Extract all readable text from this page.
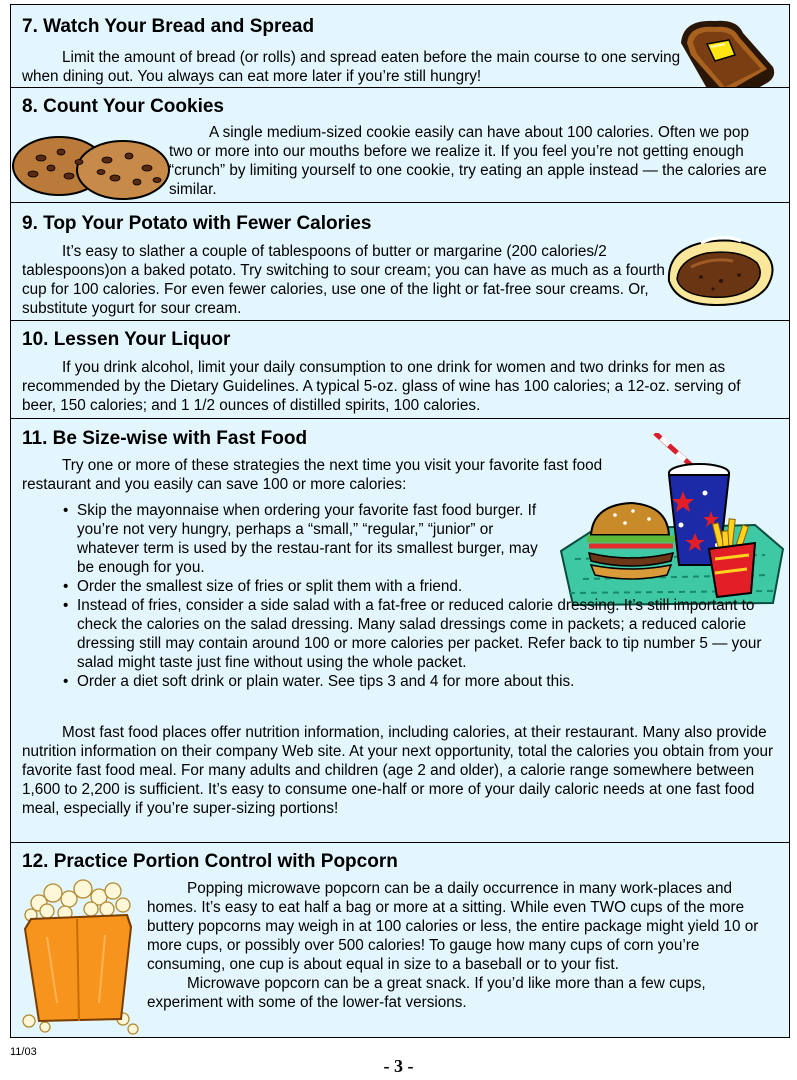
7. Watch Your Bread and Spread

Limit the amount of bread (or rolls) and spread eaten before the main course to one serving when dining out. You always can eat more later if you’re still hungry!

8. Count Your Cookies

A single medium-sized cookie easily can have about 100 calories. Often we pop two or more into our mouths before we realize it. If you feel you’re not getting enough “crunch” by limiting yourself to one cookie, try eating an apple instead — the calories are similar.

9. Top Your Potato with Fewer Calories

It’s easy to slather a couple of tablespoons of butter or margarine (200 calories/2 tablespoons)on a baked potato. Try switching to sour cream; you can have as much as a fourth cup for 100 calories. For even fewer calories, use one of the light or fat-free sour creams. Or, substitute yogurt for sour cream.

10. Lessen Your Liquor

If you drink alcohol, limit your daily consumption to one drink for women and two drinks for men as recommended by the Dietary Guidelines. A typical 5-oz. glass of wine has 100 calories; a 12-oz. serving of beer, 150 calories; and 1 1/2 ounces of distilled spirits, 100 calories.

11. Be Size-wise with Fast Food

Try one or more of these strategies the next time you visit your favorite fast food restaurant and you easily can save 100 or more calories:

• Skip the mayonnaise when ordering your favorite fast food burger. If you’re not very hungry, perhaps a “small,” “regular,” “junior” or whatever term is used by the restau-rant for its smallest burger, may be enough for you.
• Order the smallest size of fries or split them with a friend.
• Instead of fries, consider a side salad with a fat-free or reduced calorie dressing. It’s still important to check the calories on the salad dressing. Many salad dressings come in packets; a reduced calorie dressing still may contain around 100 or more calories per packet. Refer back to tip number 5 — your salad might taste just fine without using the whole packet.
• Order a diet soft drink or plain water. See tips 3 and 4 for more about this.

Most fast food places offer nutrition information, including calories, at their restaurant. Many also provide nutrition information on their company Web site. At your next opportunity, total the calories you obtain from your favorite fast food meal. For many adults and children (age 2 and older), a calorie range somewhere between 1,600 to 2,200 is sufficient. It’s easy to consume one-half or more of your daily caloric needs at one fast food meal, especially if you’re super-sizing portions!

12. Practice Portion Control with Popcorn

Popping microwave popcorn can be a daily occurrence in many work-places and homes. It’s easy to eat half a bag or more at a sitting. While even TWO cups of the more buttery popcorns may weigh in at 100 calories or less, the entire package might yield 10 or more cups, or possibly over 500 calories! To gauge how many cups of corn you’re consuming, one cup is about equal in size to a baseball or to your fist.

Microwave popcorn can be a great snack. If you’d like more than a few cups, experiment with some of the lower-fat versions.

11/03
- 3 -
